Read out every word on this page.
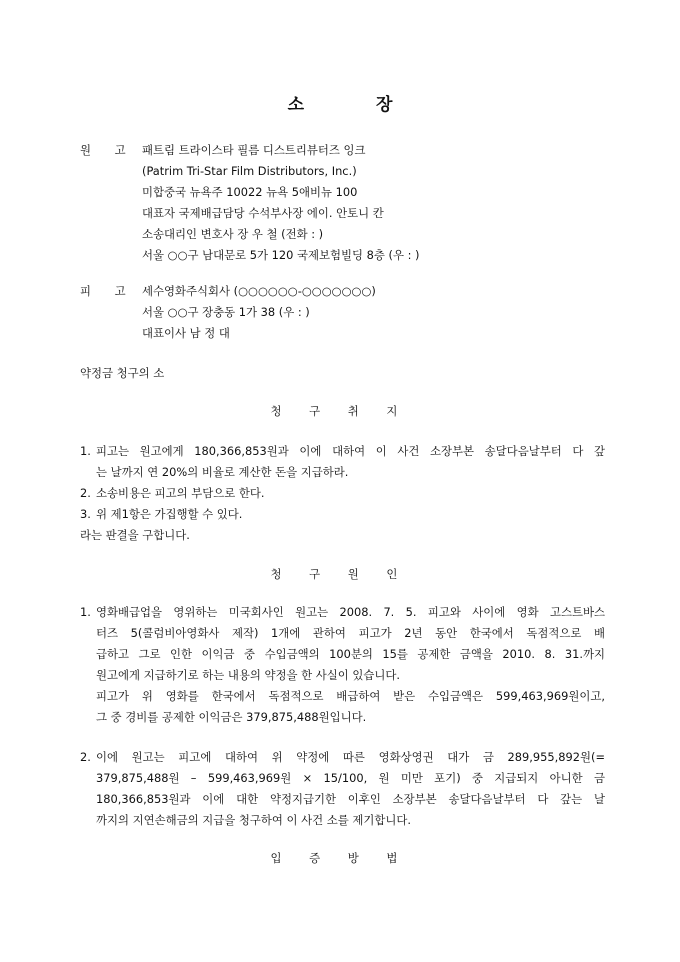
소	장
원 고 패트림 트라이스타 필름 디스트리뷰터즈 잉크
(Patrim Tri-Star Film Distributors, Inc.)
미합중국 뉴욕주 10022 뉴욕 5애비뉴 100
대표자 국제배급담당 수석부사장 에이. 안토니 칸
소송대리인 변호사 장 우 철 (전화 : )
서울 ○○구 남대문로 5가 120 국제보험빌딩 8층 (우 : )
피 고 세수영화주식회사 (○○○○○○-○○○○○○○)
서울 ○○구 장충동 1가 38 (우 : )
대표이사 남 정 대
약정금 청구의 소
청 구 취 지
1. 피고는 원고에게 180,366,853원과 이에 대하여 이 사건 소장부본 송달다음날부터 다 갚
는 날까지 연 20%의 비율로 계산한 돈을 지급하라.
2. 소송비용은 피고의 부담으로 한다.
3. 위 제1항은 가집행할 수 있다.
라는 판결을 구합니다.
청 구 원 인
1. 영화배급업을 영위하는 미국회사인 원고는 2008. 7. 5. 피고와 사이에 영화 고스트바스
터즈 5(콜럼비아영화사 제작) 1개에 관하여 피고가 2년 동안 한국에서 독점적으로 배
급하고 그로 인한 이익금 중 수입금액의 100분의 15를 공제한 금액을 2010. 8. 31.까지
원고에게 지급하기로 하는 내용의 약정을 한 사실이 있습니다.
피고가 위 영화를 한국에서 독점적으로 배급하여 받은 수입금액은 599,463,969원이고,
그 중 경비를 공제한 이익금은 379,875,488원입니다.
2. 이에 원고는 피고에 대하여 위 약정에 따른 영화상영권 대가 금 289,955,892원(=
379,875,488원 – 599,463,969원 × 15/100, 원 미만 포기) 중 지급되지 아니한 금
180,366,853원과 이에 대한 약정지급기한 이후인 소장부본 송달다음날부터 다 갚는 날
까지의 지연손해금의 지급을 청구하여 이 사건 소를 제기합니다.
입 증 방 법
